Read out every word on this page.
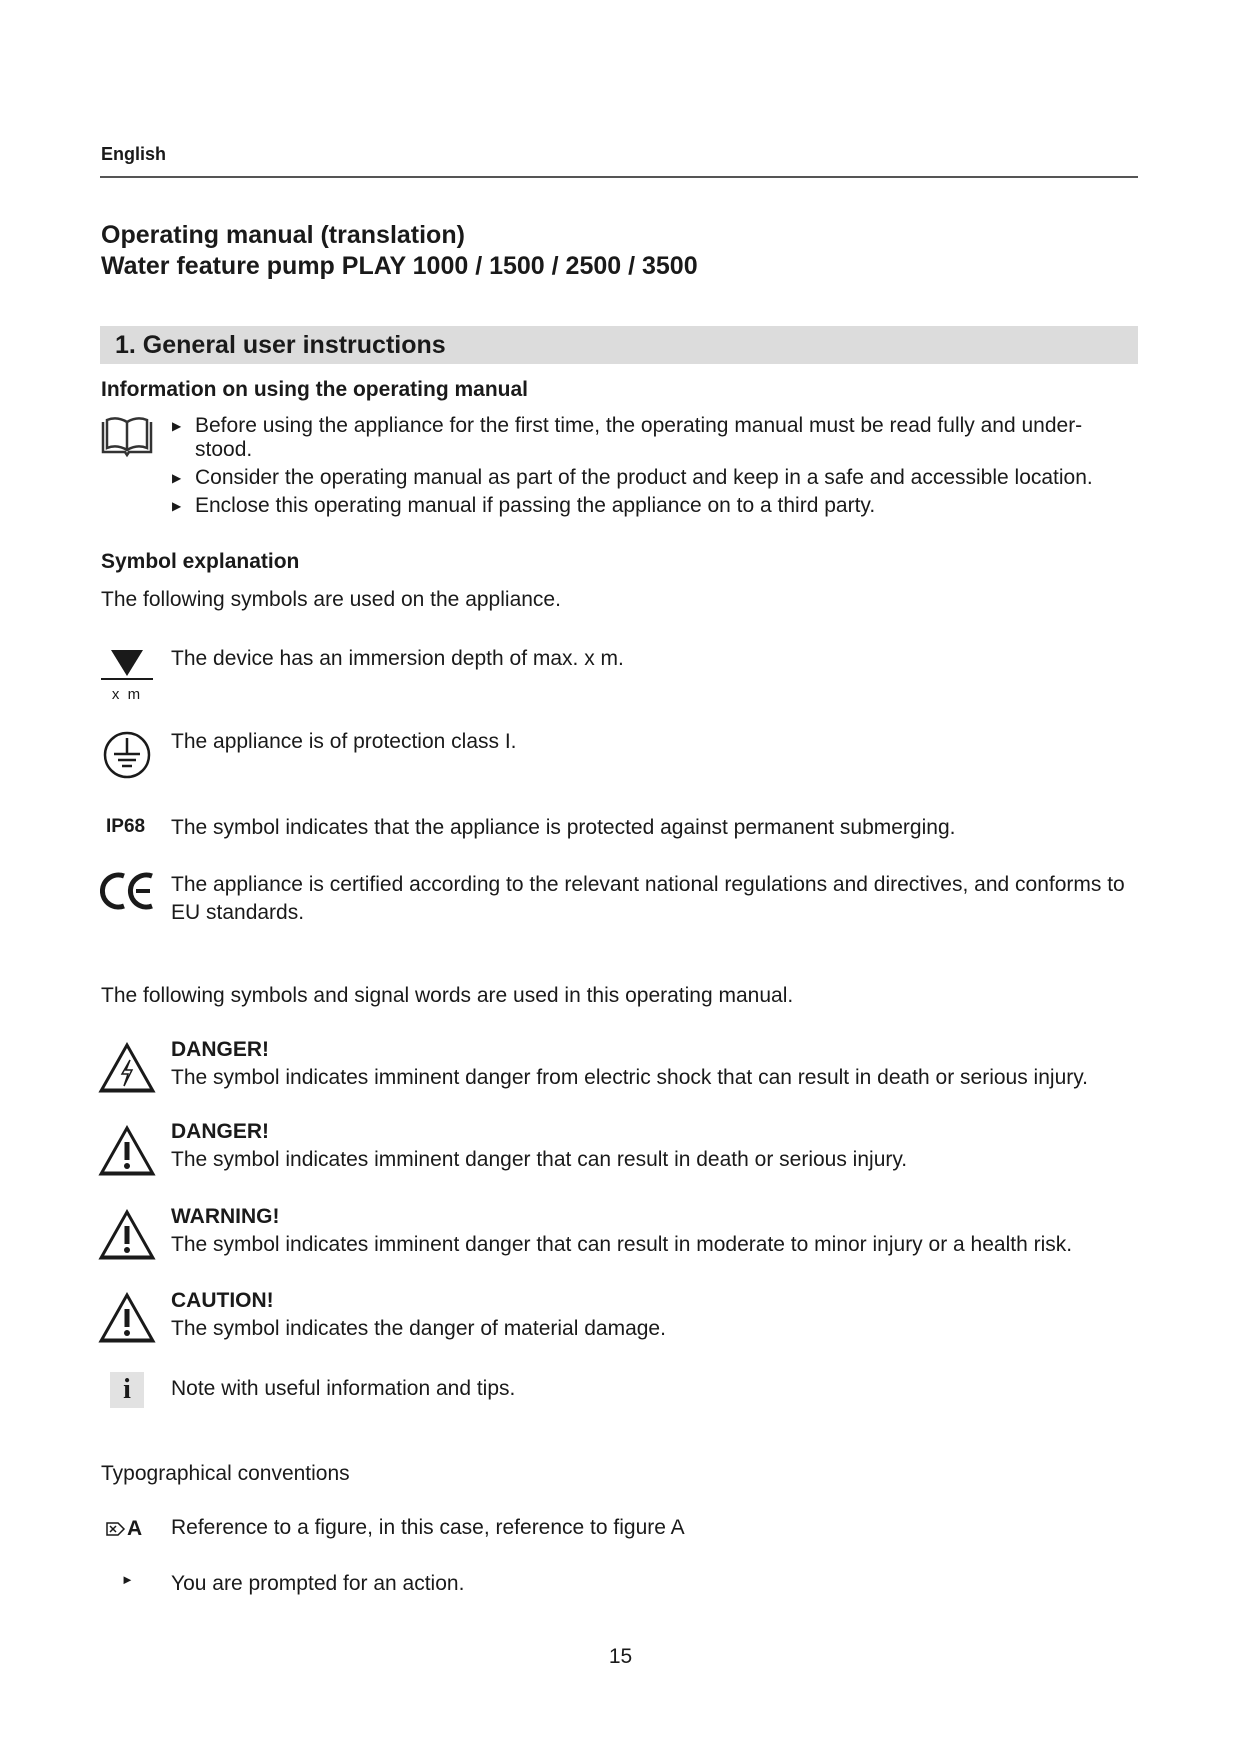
English
Operating manual (translation)
Water feature pump PLAY 1000 / 1500 / 2500 / 3500
1. General user instructions
Information on using the operating manual
▶ Before using the appliance for the first time, the operating manual must be read fully and under-stood.
▶ Consider the operating manual as part of the product and keep in a safe and accessible location.
▶ Enclose this operating manual if passing the appliance on to a third party.
Symbol explanation
The following symbols are used on the appliance.
x m
The device has an immersion depth of max. x m.
The appliance is of protection class I.
IP68 The symbol indicates that the appliance is protected against permanent submerging.
The appliance is certified according to the relevant national regulations and directives, and conforms to EU standards.
The following symbols and signal words are used in this operating manual.
DANGER!
The symbol indicates imminent danger from electric shock that can result in death or serious injury.
DANGER!
The symbol indicates imminent danger that can result in death or serious injury.
WARNING!
The symbol indicates imminent danger that can result in moderate to minor injury or a health risk.
CAUTION!
The symbol indicates the danger of material damage.
i	Note with useful information and tips.
Typographical conventions
A Reference to a figure, in this case, reference to figure A
► You are prompted for an action.
15
